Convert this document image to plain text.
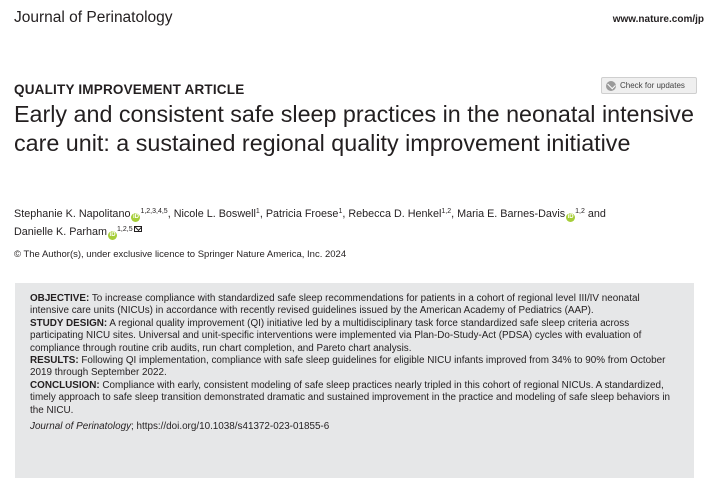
Journal of Perinatology	www.nature.com/jp
QUALITY IMPROVEMENT ARTICLE	Check for updates
Early and consistent safe sleep practices in the neonatal intensive care unit: a sustained regional quality improvement initiative
Stephanie K. Napolitano iD$^{1,2,3,4,5}$, Nicole L. Boswell$^1$, Patricia Froese$^1$, Rebecca D. Henkel$^{1,2}$, Maria E. Barnes-Davis iD$^{1,2}$ and
Danielle K. Parham iD$^{1,2,5}$
© The Author(s), under exclusive licence to Springer Nature America, Inc. 2024

OBJECTIVE: To increase compliance with standardized safe sleep recommendations for patients in a cohort of regional level III/IV neonatal intensive care units (NICUs) in accordance with recently revised guidelines issued by the American Academy of Pediatrics (AAP).

STUDY DESIGN: A regional quality improvement (QI) initiative led by a multidisciplinary task force standardized safe sleep criteria across participating NICU sites. Universal and unit-specific interventions were implemented via Plan-Do-Study-Act (PDSA) cycles with evaluation of compliance through routine crib audits, run chart completion, and Pareto chart analysis.

RESULTS: Following QI implementation, compliance with safe sleep guidelines for eligible NICU infants improved from 34% to 90% from October 2019 through September 2022.

CONCLUSION: Compliance with early, consistent modeling of safe sleep practices nearly tripled in this cohort of regional NICUs. A standardized, timely approach to safe sleep transition demonstrated dramatic and sustained improvement in the practice and modeling of safe sleep behaviors in the NICU.

Journal of Perinatology; https://doi.org/10.1038/s41372-023-01855-6
